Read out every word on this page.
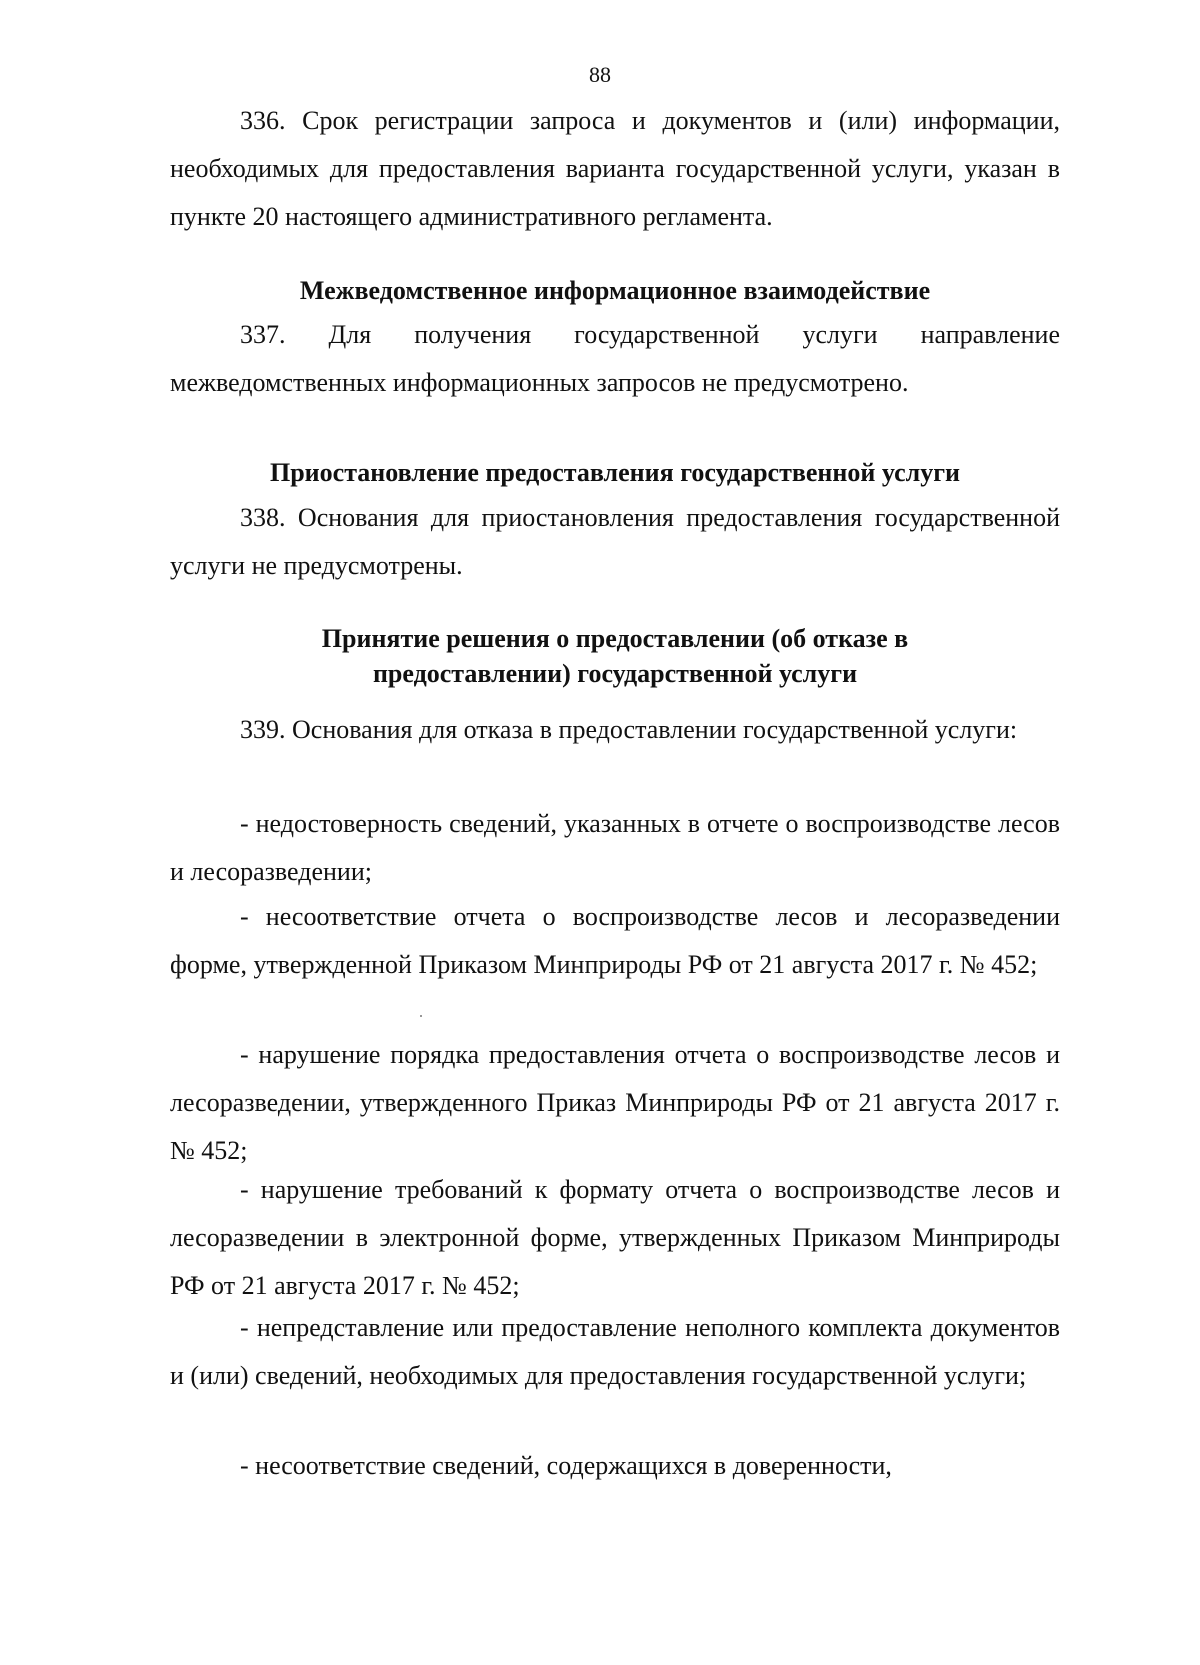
88

336. Срок регистрации запроса и документов и (или) информации, необходимых для предоставления варианта государственной услуги, указан в пункте 20 настоящего административного регламента.

Межведомственное информационное взаимодействие

337. Для получения государственной услуги направление межведомственных информационных запросов не предусмотрено.

Приостановление предоставления государственной услуги

338. Основания для приостановления предоставления государственной услуги не предусмотрены.

Принятие решения о предоставлении (об отказе в

предоставлении) государственной услуги

339. Основания для отказа в предоставлении государственной услуги:

- недостоверность сведений, указанных в отчете о воспроизводстве лесов и лесоразведении;

- несоответствие отчета о воспроизводстве лесов и лесоразведении форме, утвержденной Приказом Минприроды РФ от 21 августа 2017 г. № 452;

- нарушение порядка предоставления отчета о воспроизводстве лесов и лесоразведении, утвержденного Приказ Минприроды РФ от 21 августа 2017 г. № 452;

- нарушение требований к формату отчета о воспроизводстве лесов и лесоразведении в электронной форме, утвержденных Приказом Минприроды РФ от 21 августа 2017 г. № 452;

- непредставление или предоставление неполного комплекта документов и (или) сведений, необходимых для предоставления государственной услуги;

- несоответствие сведений, содержащихся в доверенности,
